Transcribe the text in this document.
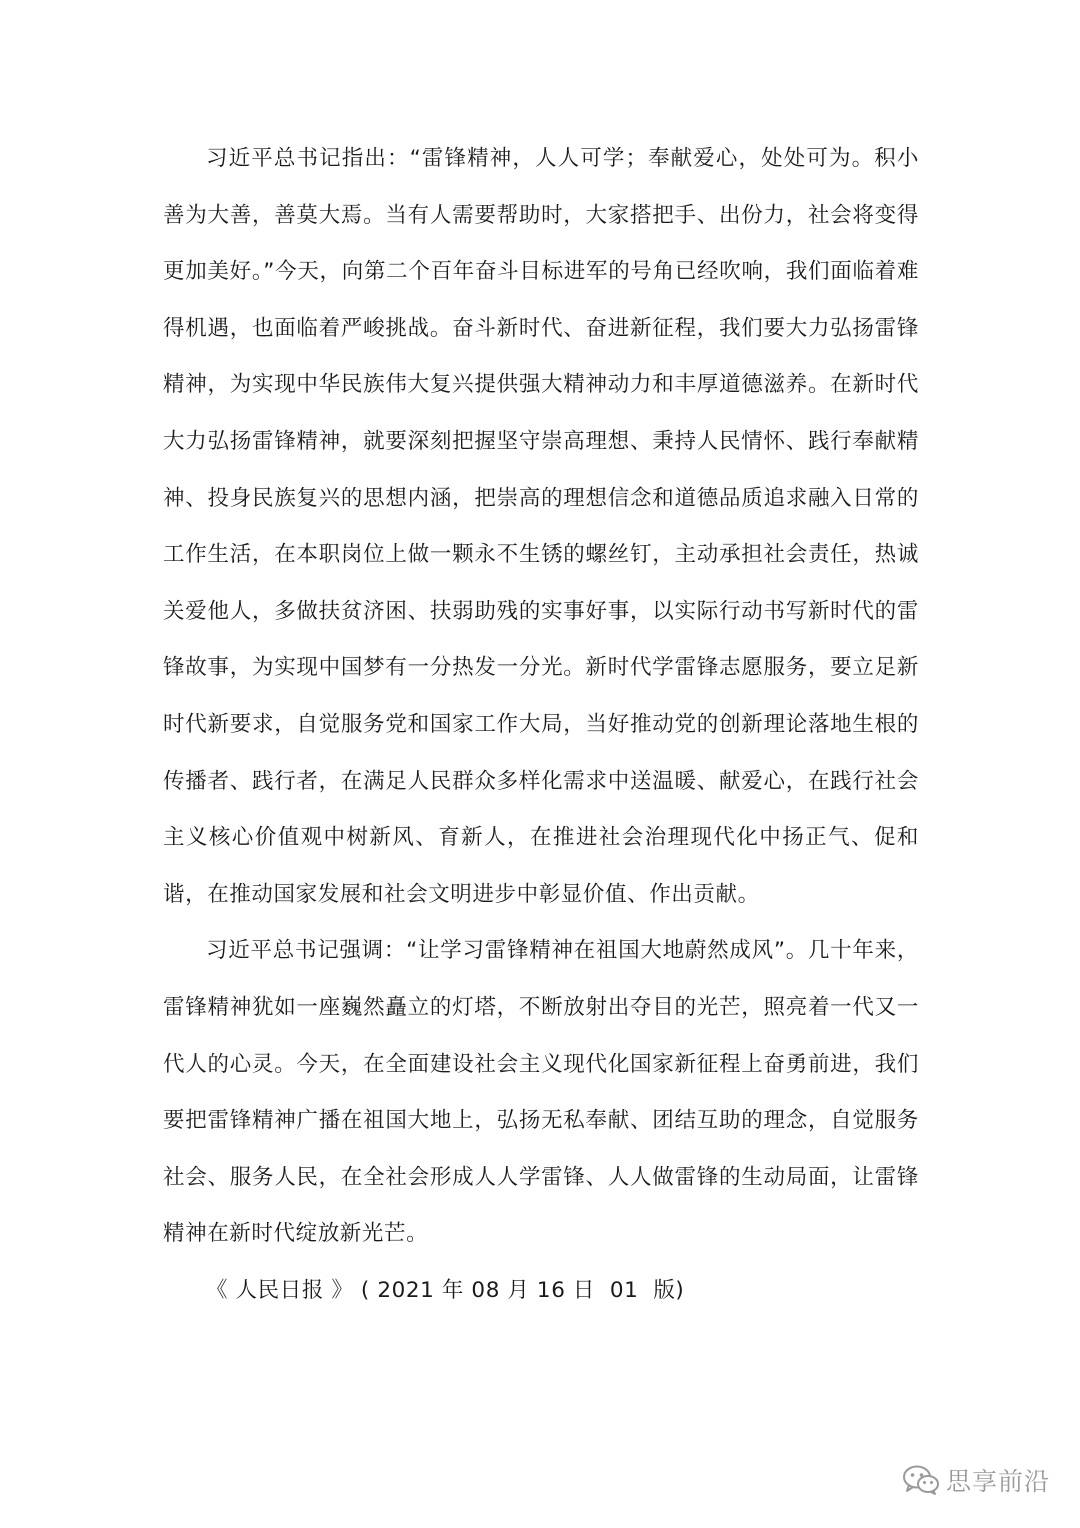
习近平总书记指出：“雷锋精神，人人可学；奉献爱心，处处可为。积小善为大善，善莫大焉。当有人需要帮助时，大家搭把手、出份力，社会将变得更加美好。”今天，向第二个百年奋斗目标进军的号角已经吹响，我们面临着难得机遇，也面临着严峻挑战。奋斗新时代、奋进新征程，我们要大力弘扬雷锋精神，为实现中华民族伟大复兴提供强大精神动力和丰厚道德滋养。在新时代大力弘扬雷锋精神，就要深刻把握坚守崇高理想、秉持人民情怀、践行奉献精神、投身民族复兴的思想内涵，把崇高的理想信念和道德品质追求融入日常的工作生活，在本职岗位上做一颗永不生锈的螺丝钉，主动承担社会责任，热诚关爱他人，多做扶贫济困、扶弱助残的实事好事，以实际行动书写新时代的雷锋故事，为实现中国梦有一分热发一分光。新时代学雷锋志愿服务，要立足新时代新要求，自觉服务党和国家工作大局，当好推动党的创新理论落地生根的传播者、践行者，在满足人民群众多样化需求中送温暖、献爱心，在践行社会主义核心价值观中树新风、育新人，在推进社会治理现代化中扬正气、促和谐，在推动国家发展和社会文明进步中彰显价值、作出贡献。

习近平总书记强调：“让学习雷锋精神在祖国大地蔚然成风”。几十年来，雷锋精神犹如一座巍然矗立的灯塔，不断放射出夺目的光芒，照亮着一代又一代人的心灵。今天，在全面建设社会主义现代化国家新征程上奋勇前进，我们要把雷锋精神广播在祖国大地上，弘扬无私奉献、团结互助的理念，自觉服务社会、服务人民，在全社会形成人人学雷锋、人人做雷锋的生动局面，让雷锋精神在新时代绽放新光芒。

《 人民日报 》 ( 2021 年 08 月 16 日  01  版)

思享前沿
